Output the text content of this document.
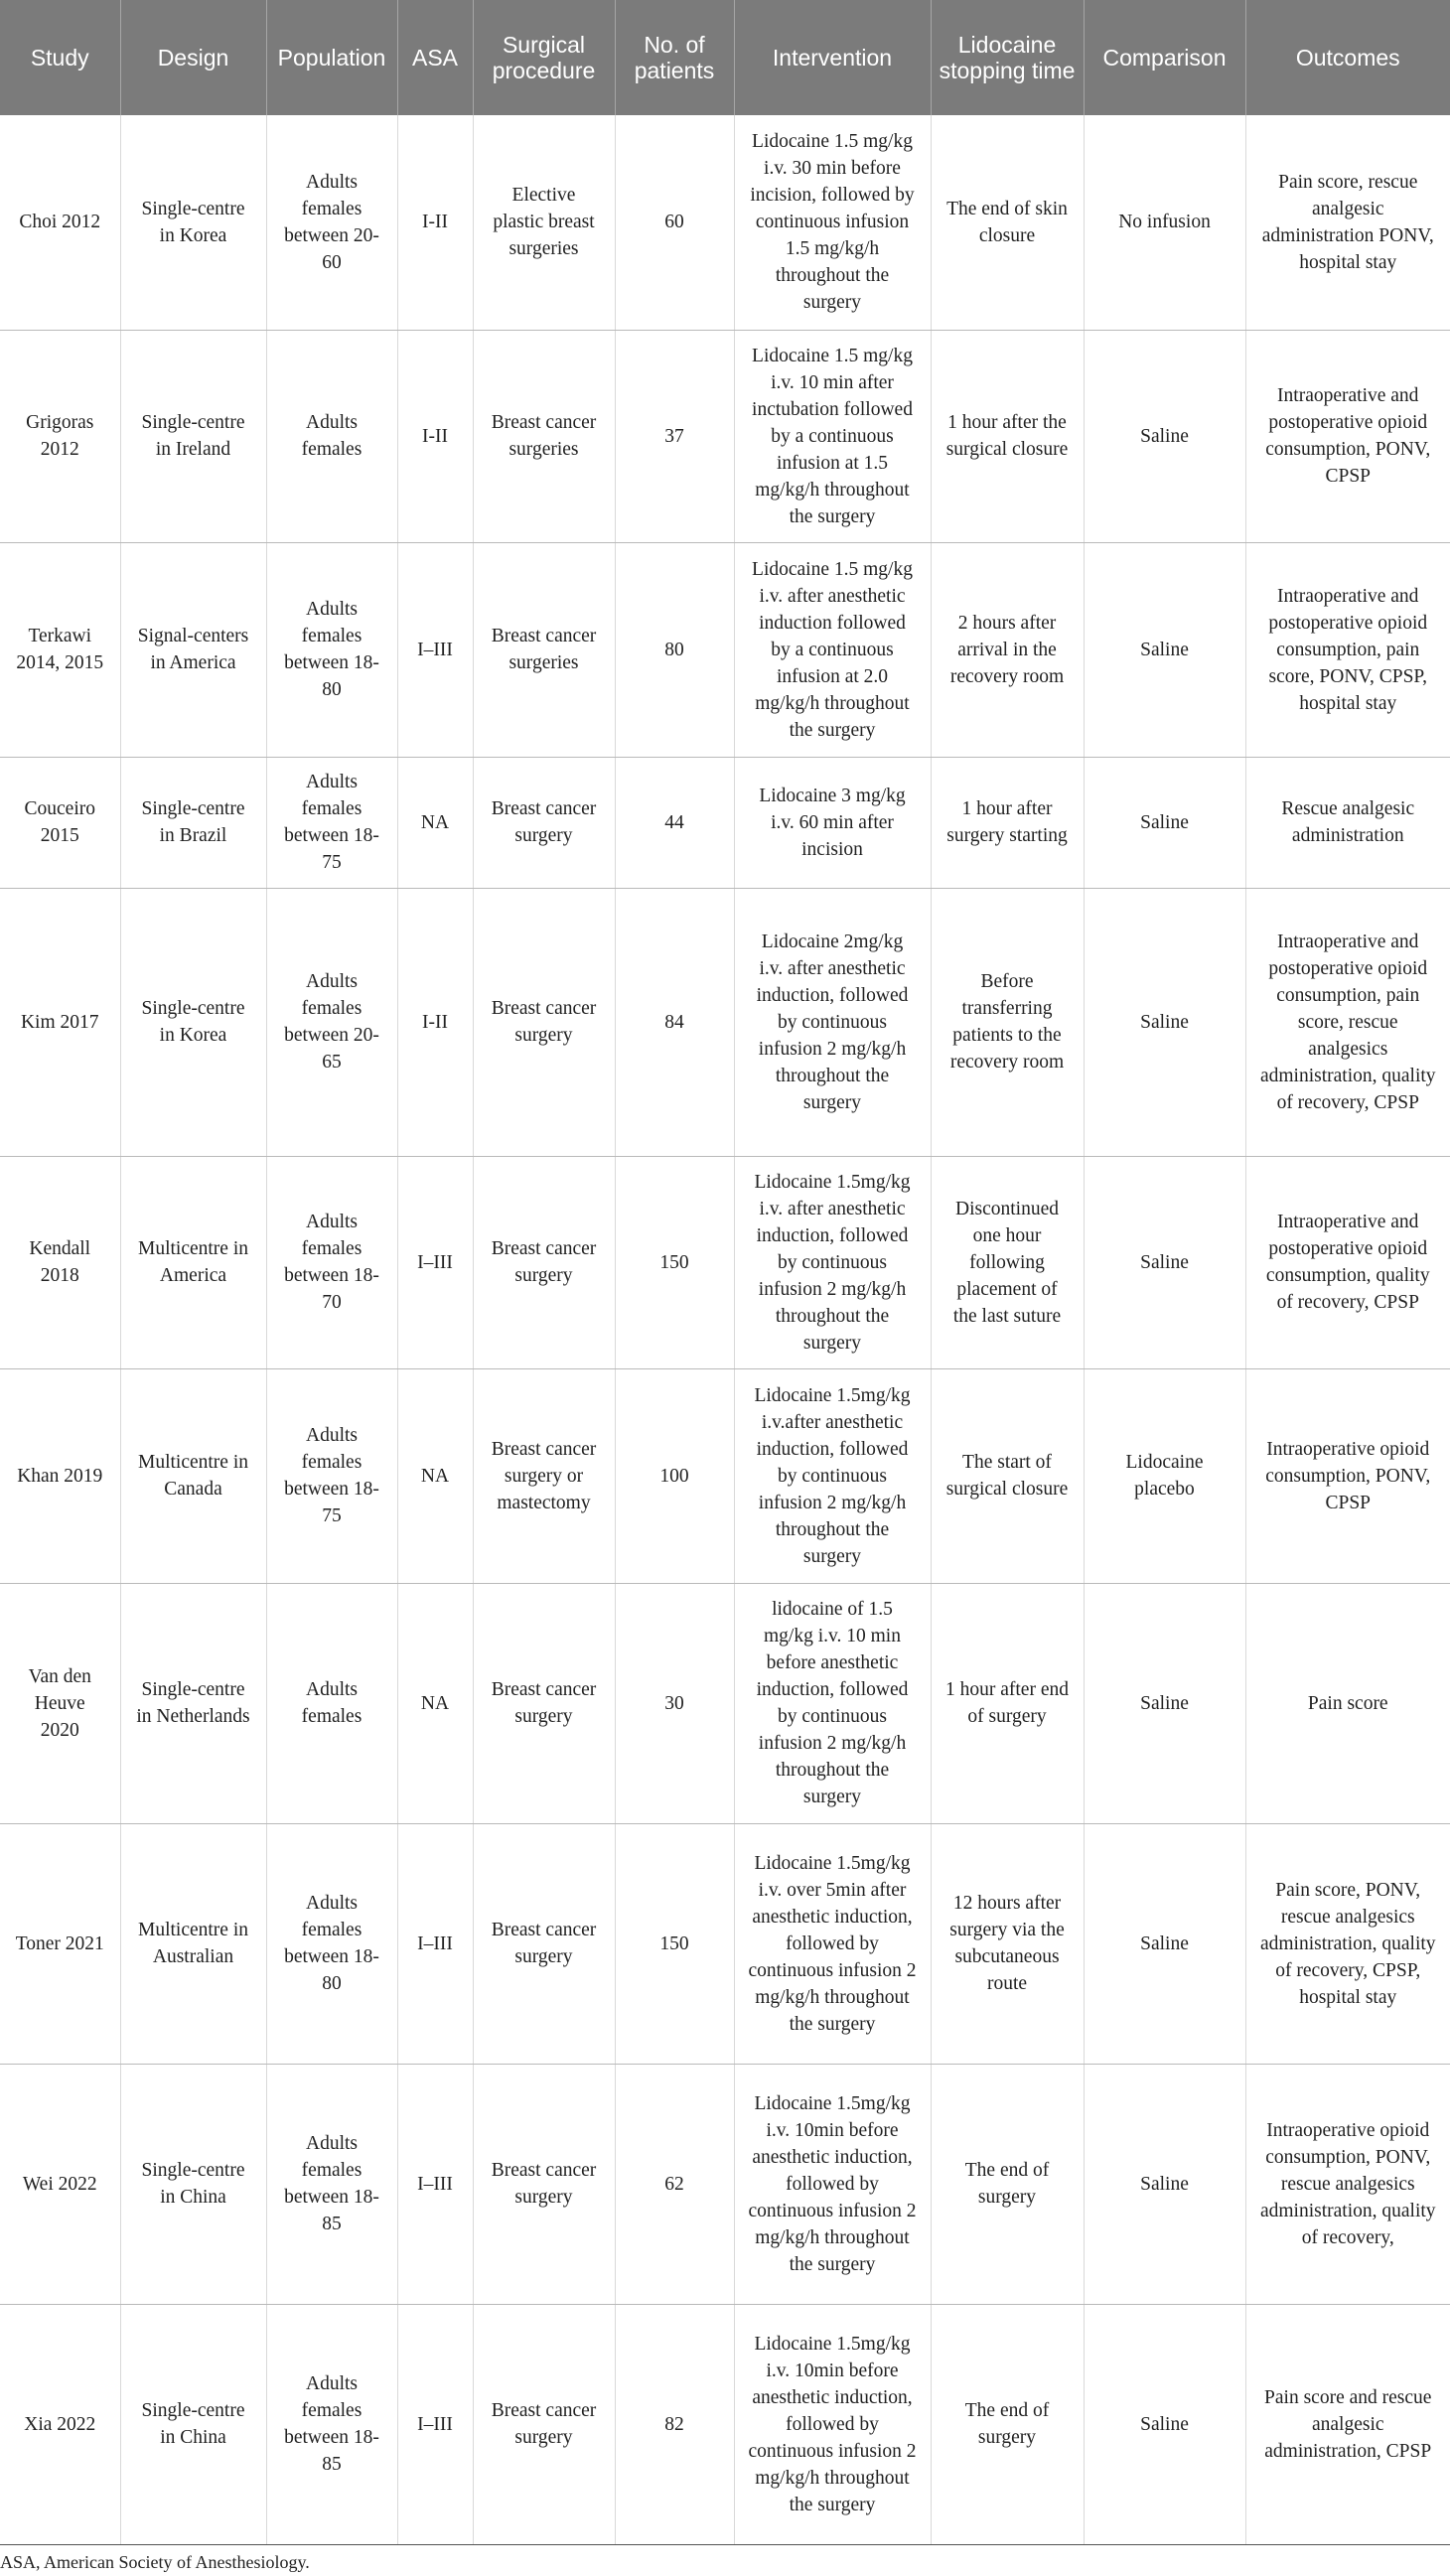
Study	Design	Population	ASA	Surgical procedure	No. of patients	Intervention	Lidocaine stopping time	Comparison	Outcomes
Choi 2012	Single-centre in Korea	Adults females between 20-60	I-II	Elective plastic breast surgeries	60	Lidocaine 1.5 mg/kg i.v. 30 min before incision, followed by continuous infusion 1.5 mg/kg/h throughout the surgery	The end of skin closure	No infusion	Pain score, rescue analgesic administration PONV, hospital stay
Grigoras 2012	Single-centre in Ireland	Adults females	I-II	Breast cancer surgeries	37	Lidocaine 1.5 mg/kg i.v. 10 min after inctubation followed by a continuous infusion at 1.5 mg/kg/h throughout the surgery	1 hour after the surgical closure	Saline	Intraoperative and postoperative opioid consumption, PONV, CPSP
Terkawi 2014, 2015	Signal-centers in America	Adults females between 18-80	I–III	Breast cancer surgeries	80	Lidocaine 1.5 mg/kg i.v. after anesthetic induction followed by a continuous infusion at 2.0 mg/kg/h throughout the surgery	2 hours after arrival in the recovery room	Saline	Intraoperative and postoperative opioid consumption, pain score, PONV, CPSP, hospital stay
Couceiro 2015	Single-centre in Brazil	Adults females between 18-75	NA	Breast cancer surgery	44	Lidocaine 3 mg/kg i.v. 60 min after incision	1 hour after surgery starting	Saline	Rescue analgesic administration
Kim 2017	Single-centre in Korea	Adults females between 20-65	I-II	Breast cancer surgery	84	Lidocaine 2mg/kg i.v. after anesthetic induction, followed by continuous infusion 2 mg/kg/h throughout the surgery	Before transferring patients to the recovery room	Saline	Intraoperative and postoperative opioid consumption, pain score, rescue analgesics administration, quality of recovery, CPSP
Kendall 2018	Multicentre in America	Adults females between 18-70	I–III	Breast cancer surgery	150	Lidocaine 1.5mg/kg i.v. after anesthetic induction, followed by continuous infusion 2 mg/kg/h throughout the surgery	Discontinued one hour following placement of the last suture	Saline	Intraoperative and postoperative opioid consumption, quality of recovery, CPSP
Khan 2019	Multicentre in Canada	Adults females between 18-75	NA	Breast cancer surgery or mastectomy	100	Lidocaine 1.5mg/kg i.v.after anesthetic induction, followed by continuous infusion 2 mg/kg/h throughout the surgery	The start of surgical closure	Lidocaine placebo	Intraoperative opioid consumption, PONV, CPSP
Van den Heuve 2020	Single-centre in Netherlands	Adults females	NA	Breast cancer surgery	30	lidocaine of 1.5 mg/kg i.v. 10 min before anesthetic induction, followed by continuous infusion 2 mg/kg/h throughout the surgery	1 hour after end of surgery	Saline	Pain score
Toner 2021	Multicentre in Australian	Adults females between 18-80	I–III	Breast cancer surgery	150	Lidocaine 1.5mg/kg i.v. over 5min after anesthetic induction, followed by continuous infusion 2 mg/kg/h throughout the surgery	12 hours after surgery via the subcutaneous route	Saline	Pain score, PONV, rescue analgesics administration, quality of recovery, CPSP, hospital stay
Wei 2022	Single-centre in China	Adults females between 18-85	I–III	Breast cancer surgery	62	Lidocaine 1.5mg/kg i.v. 10min before anesthetic induction, followed by continuous infusion 2 mg/kg/h throughout the surgery	The end of surgery	Saline	Intraoperative opioid consumption, PONV, rescue analgesics administration, quality of recovery,
Xia 2022	Single-centre in China	Adults females between 18-85	I–III	Breast cancer surgery	82	Lidocaine 1.5mg/kg i.v. 10min before anesthetic induction, followed by continuous infusion 2 mg/kg/h throughout the surgery	The end of surgery	Saline	Pain score and rescue analgesic administration, CPSP

ASA, American Society of Anesthesiology.
